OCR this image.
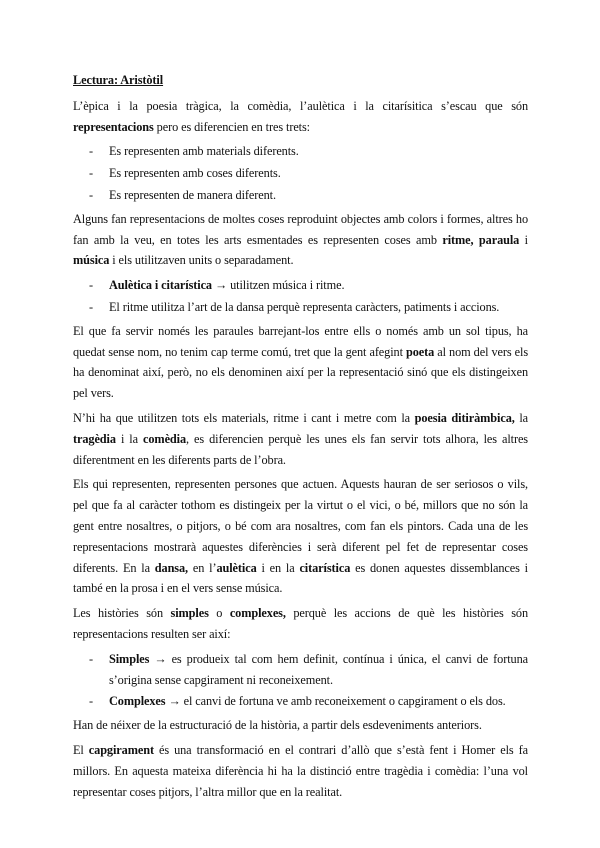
Lectura: Aristòtil

L’èpica i la poesia tràgica, la comèdia, l’aulètica i la citarísitica s’escau que són representacions pero es diferencien en tres trets:

- Es representen amb materials diferents.
- Es representen amb coses diferents.
- Es representen de manera diferent.

Alguns fan representacions de moltes coses reproduint objectes amb colors i formes, altres ho fan amb la veu, en totes les arts esmentades es representen coses amb ritme, paraula i música i els utilitzaven units o separadament.

- Aulètica i citarística → utilitzen música i ritme.
- El ritme utilitza l’art de la dansa perquè representa caràcters, patiments i accions.

El que fa servir només les paraules barrejant-los entre ells o només amb un sol tipus, ha quedat sense nom, no tenim cap terme comú, tret que la gent afegint poeta al nom del vers els ha denominat així, però, no els denominen així per la representació sinó que els distingeixen pel vers.

N’hi ha que utilitzen tots els materials, ritme i cant i metre com la poesia ditiràmbica, la tragèdia i la comèdia, es diferencien perquè les unes els fan servir tots alhora, les altres diferentment en les diferents parts de l’obra.

Els qui representen, representen persones que actuen. Aquests hauran de ser seriosos o vils, pel que fa al caràcter tothom es distingeix per la virtut o el vici, o bé, millors que no són la gent entre nosaltres, o pitjors, o bé com ara nosaltres, com fan els pintors. Cada una de les representacions mostrarà aquestes diferències i serà diferent pel fet de representar coses diferents. En la dansa, en l’aulètica i en la citarística es donen aquestes dissemblances i també en la prosa i en el vers sense música.

Les històries són simples o complexes, perquè les accions de què les històries són representacions resulten ser així:

- Simples → es produeix tal com hem definit, contínua i única, el canvi de fortuna s’origina sense capgirament ni reconeixement.
- Complexes → el canvi de fortuna ve amb reconeixement o capgirament o els dos.

Han de néixer de la estructuració de la història, a partir dels esdeveniments anteriors.

El capgirament és una transformació en el contrari d’allò que s’està fent i Homer els fa millors. En aquesta mateixa diferència hi ha la distinció entre tragèdia i comèdia: l’una vol representar coses pitjors, l’altra millor que en la realitat.
